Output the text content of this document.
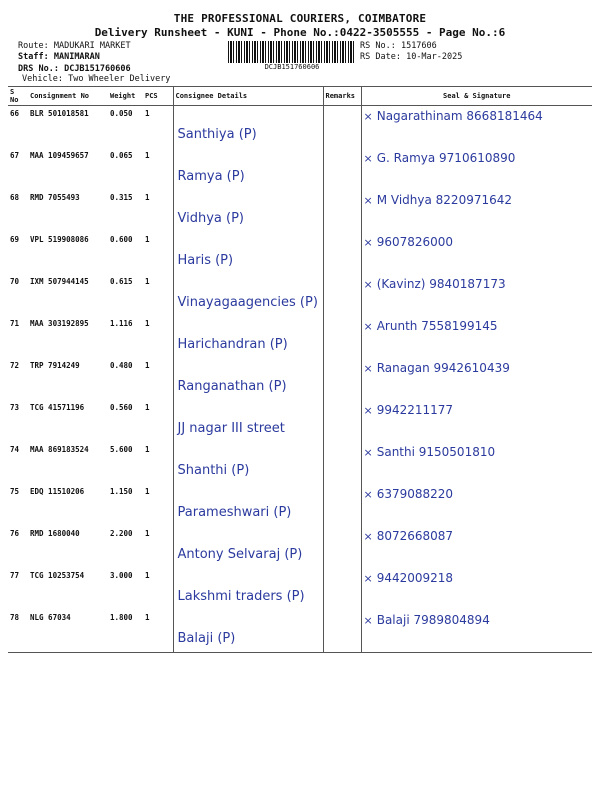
THE PROFESSIONAL COURIERS, COIMBATORE
Delivery Runsheet - KUNI - Phone No.:0422-3505555 - Page No.:6
Route: MADUKARI MARKET
Staff: MANIMARAN
DRS No.: DCJB151760606
Vehicle: Two Wheeler Delivery
DCJB151760606
RS No.: 1517606
RS Date: 10-Mar-2025
S No	Consignment No	Weight	PCS	Consignee Details	Remarks	Seal & Signature
66	BLR 501018581	0.050	1	Santhiya (P)		× Nagarathinam 8668181464

67	MAA 109459657	0.065	1	Ramya (P)		× G. Ramya 9710610890

68	RMD 7055493	0.315	1	Vidhya (P)		× M Vidhya 8220971642

69	VPL 519908086	0.600	1	Haris (P)		× 9607826000

70	IXM 507944145	0.615	1	Vinayagaagencies (P)		× (Kavinz) 9840187173

71	MAA 303192895	1.116	1	Harichandran (P)		× Arunth 7558199145

72	TRP 7914249	0.480	1	Ranganathan (P)		× Ranagan 9942610439

73	TCG 41571196	0.560	1	JJ nagar III street		× 9942211177

74	MAA 869183524	5.600	1	Shanthi (P)		× Santhi 9150501810

75	EDQ 11510206	1.150	1	Parameshwari (P)		× 6379088220

76	RMD 1680040	2.200	1	Antony Selvaraj (P)		× 8072668087

77	TCG 10253754	3.000	1	Lakshmi traders (P)		× 9442009218

78	NLG 67034	1.800	1	Balaji (P)		× Balaji 7989804894
